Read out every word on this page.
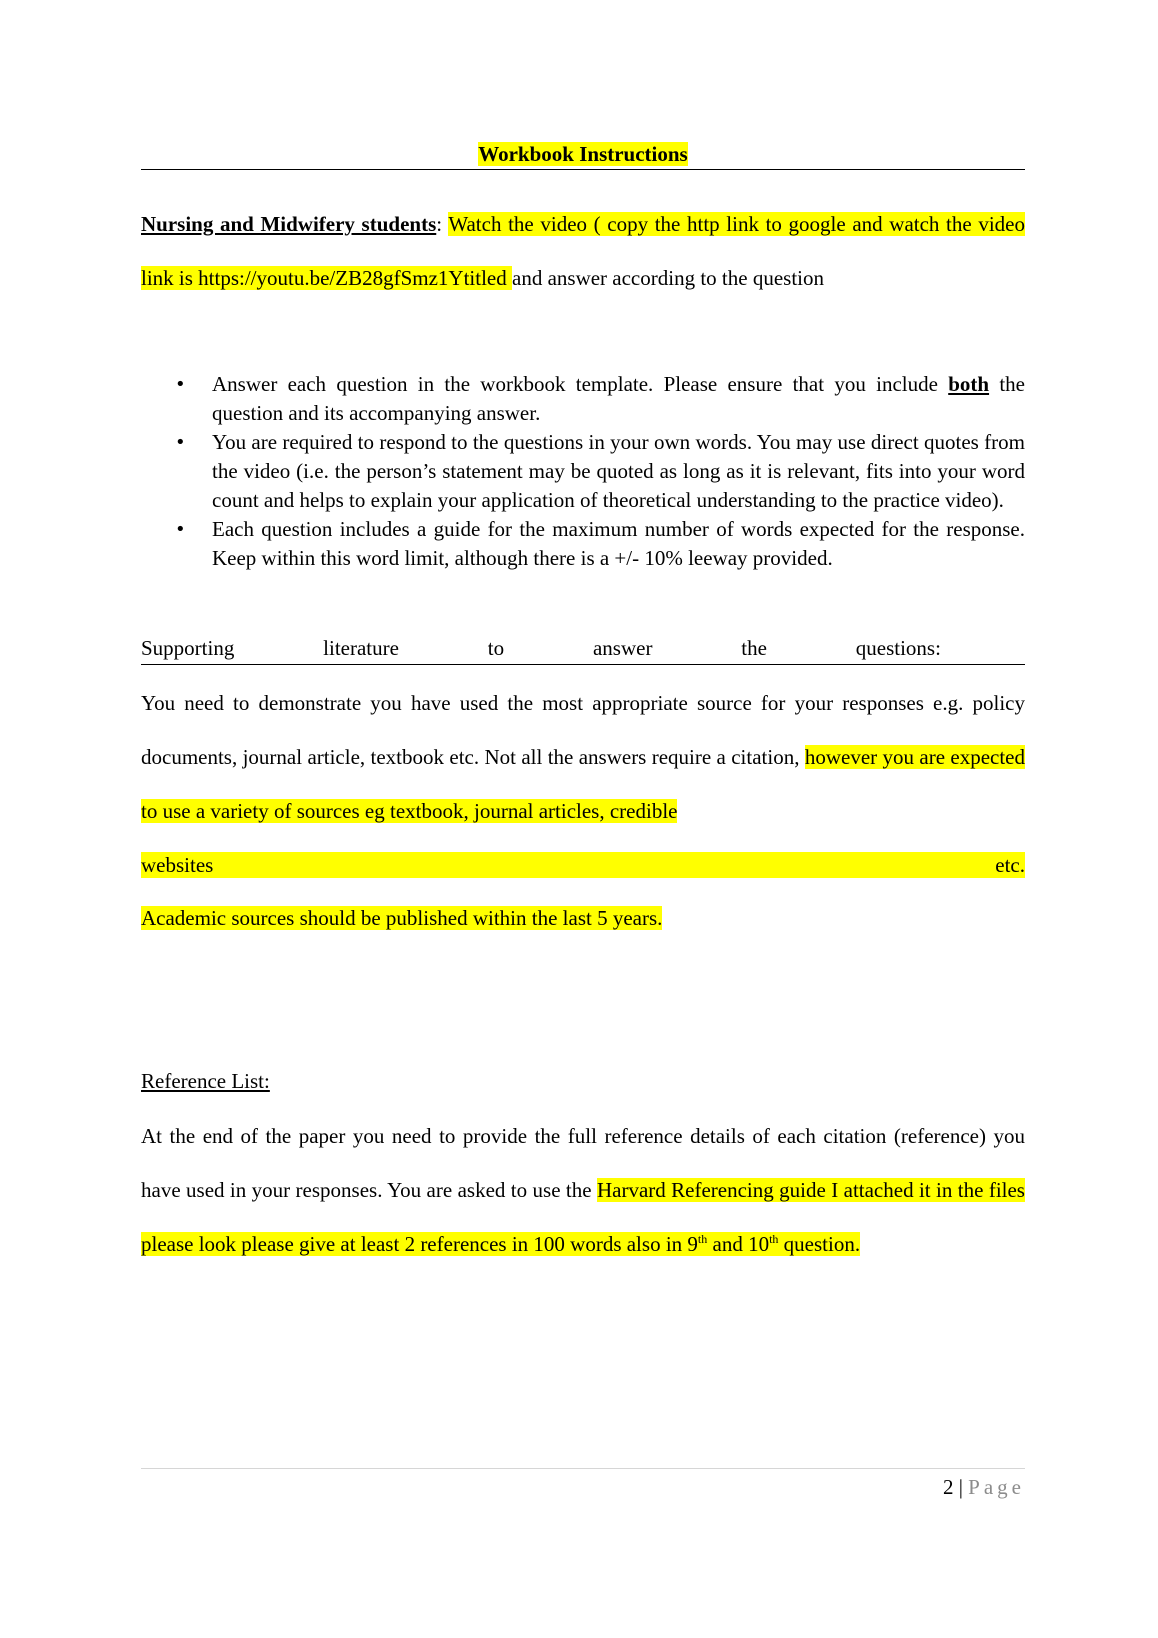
Workbook Instructions

Nursing and Midwifery students: Watch the video ( copy the http link to google and watch the video link is https://youtu.be/ZB28gfSmz1Ytitled and answer according to the question

• Answer each question in the workbook template. Please ensure that you include both the question and its accompanying answer.
• You are required to respond to the questions in your own words. You may use direct quotes from the video (i.e. the person’s statement may be quoted as long as it is relevant, fits into your word count and helps to explain your application of theoretical understanding to the practice video).
• Each question includes a guide for the maximum number of words expected for the response. Keep within this word limit, although there is a +/- 10% leeway provided.
Supporting	literature	to	answer	the	questions:
You need to demonstrate you have used the most appropriate source for your responses e.g. policy documents, journal article, textbook etc. Not all the answers require a citation, however you are expected to use a variety of sources eg textbook, journal articles, credible
websites	etc.

Academic sources should be published within the last 5 years.

Reference List:

At the end of the paper you need to provide the full reference details of each citation (reference) you have used in your responses. You are asked to use the Harvard Referencing guide I attached it in the files please look please give at least 2 references in 100 words also in 9th and 10th question.

2 | Page
